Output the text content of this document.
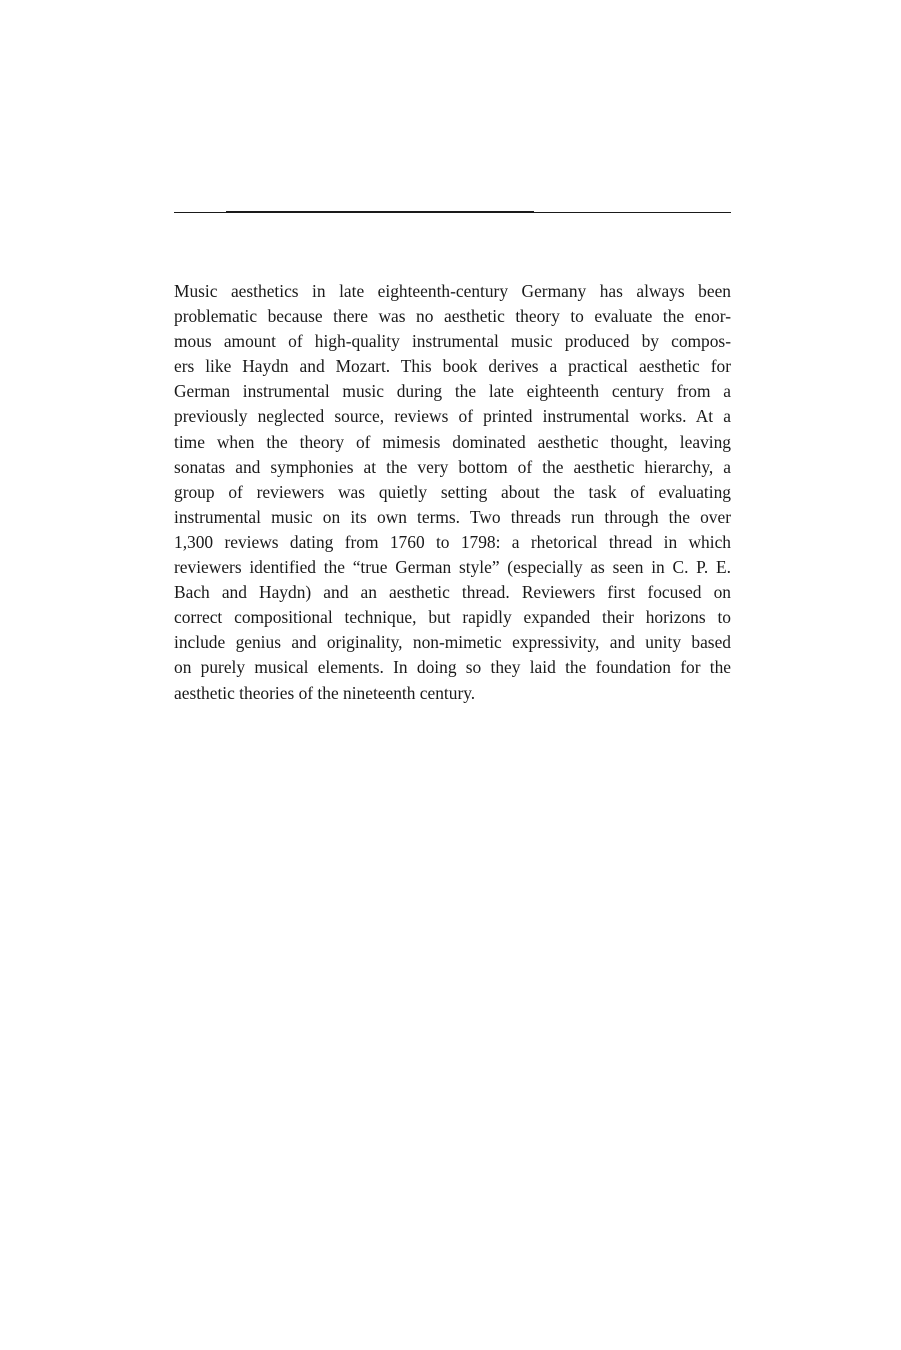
Music aesthetics in late eighteenth-century Germany has always been
problematic because there was no aesthetic theory to evaluate the enor-
mous amount of high-quality instrumental music produced by compos-
ers like Haydn and Mozart. This book derives a practical aesthetic for
German instrumental music during the late eighteenth century from a
previously neglected source, reviews of printed instrumental works. At a
time when the theory of mimesis dominated aesthetic thought, leaving
sonatas and symphonies at the very bottom of the aesthetic hierarchy, a
group of reviewers was quietly setting about the task of evaluating
instrumental music on its own terms. Two threads run through the over
1,300 reviews dating from 1760 to 1798: a rhetorical thread in which
reviewers identified the “true German style” (especially as seen in C. P. E.
Bach and Haydn) and an aesthetic thread. Reviewers first focused on
correct compositional technique, but rapidly expanded their horizons to
include genius and originality, non-mimetic expressivity, and unity based
on purely musical elements. In doing so they laid the foundation for the
aesthetic theories of the nineteenth century.
